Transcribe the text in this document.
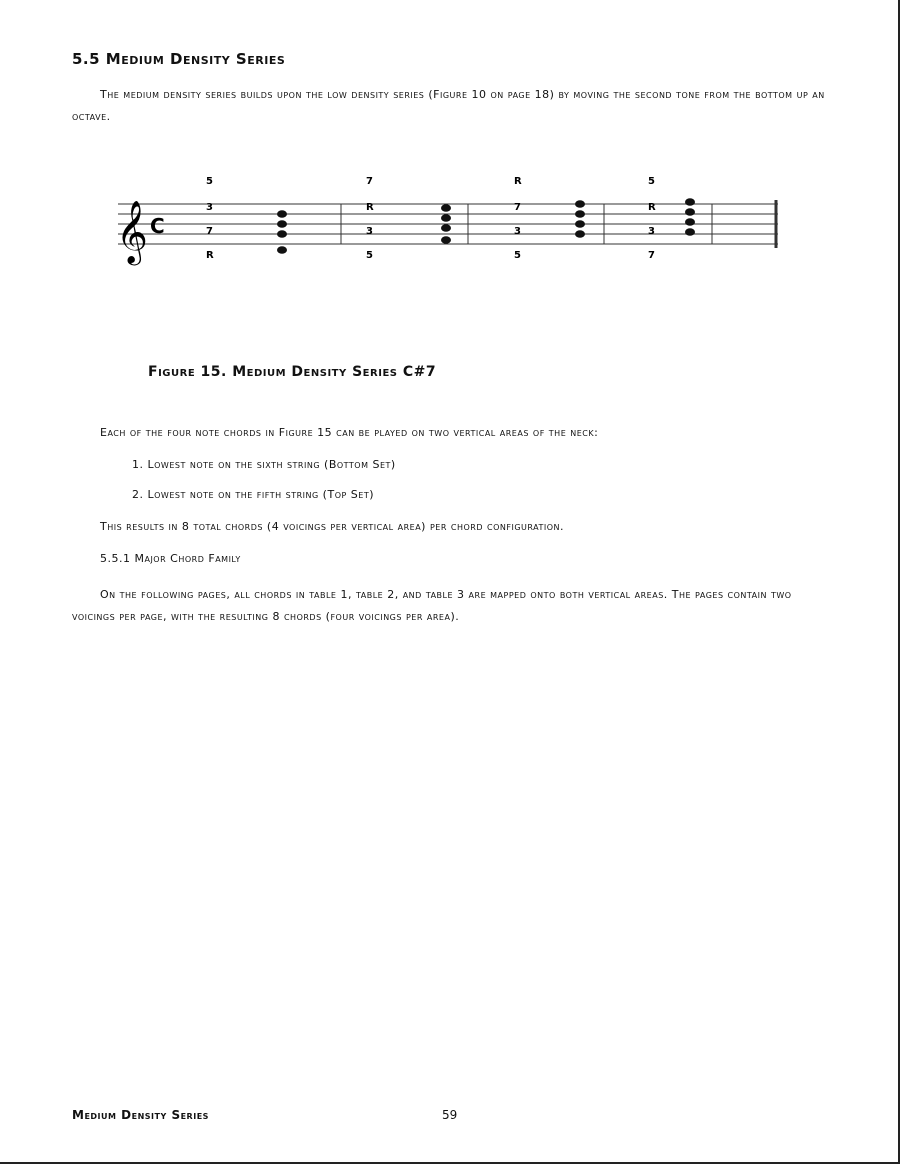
5.5 Medium Density Series

The medium density series builds upon the low density series (Figure 10 on page 18) by moving the second tone from the bottom up an octave.

𝄞 C
5
3
7
R
7
R
3
5
R
7
3
5
5
R
3
7
Figure 15. Medium Density Series C#7

Each of the four note chords in Figure 15 can be played on two vertical areas of the neck:

1. Lowest note on the sixth string (Bottom Set)

2. Lowest note on the fifth string (Top Set)

This results in 8 total chords (4 voicings per vertical area) per chord configuration.

5.5.1 Major Chord Family

On the following pages, all chords in table 1, table 2, and table 3 are mapped onto both vertical areas. The pages contain two voicings per page, with the resulting 8 chords (four voicings per area).

Medium Density Series	59
